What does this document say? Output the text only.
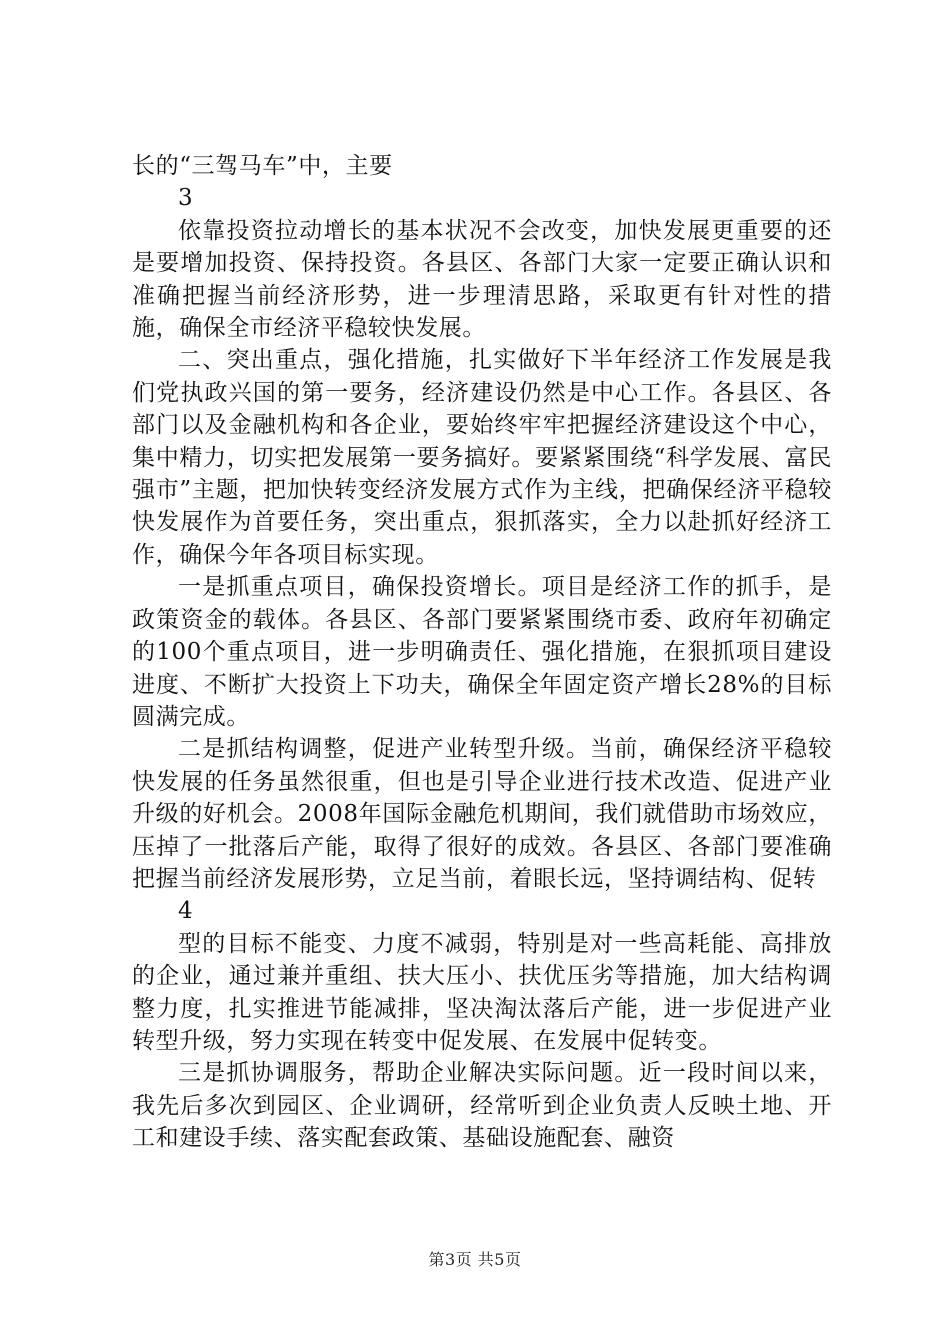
长的“三驾马车”中，主要

3

依靠投资拉动增长的基本状况不会改变，加快发展更重要的还是要增加投资、保持投资。各县区、各部门大家一定要正确认识和准确把握当前经济形势，进一步理清思路，采取更有针对性的措施，确保全市经济平稳较快发展。

二、突出重点，强化措施，扎实做好下半年经济工作发展是我们党执政兴国的第一要务，经济建设仍然是中心工作。各县区、各部门以及金融机构和各企业，要始终牢牢把握经济建设这个中心，集中精力，切实把发展第一要务搞好。要紧紧围绕“科学发展、富民强市”主题，把加快转变经济发展方式作为主线，把确保经济平稳较快发展作为首要任务，突出重点，狠抓落实，全力以赴抓好经济工作，确保今年各项目标实现。

一是抓重点项目，确保投资增长。项目是经济工作的抓手，是政策资金的载体。各县区、各部门要紧紧围绕市委、政府年初确定的100个重点项目，进一步明确责任、强化措施，在狠抓项目建设进度、不断扩大投资上下功夫，确保全年固定资产增长28%的目标圆满完成。

二是抓结构调整，促进产业转型升级。当前，确保经济平稳较快发展的任务虽然很重，但也是引导企业进行技术改造、促进产业升级的好机会。2008年国际金融危机期间，我们就借助市场效应，压掉了一批落后产能，取得了很好的成效。各县区、各部门要准确把握当前经济发展形势，立足当前，着眼长远，坚持调结构、促转

4

型的目标不能变、力度不减弱，特别是对一些高耗能、高排放的企业，通过兼并重组、扶大压小、扶优压劣等措施，加大结构调整力度，扎实推进节能减排，坚决淘汰落后产能，进一步促进产业转型升级，努力实现在转变中促发展、在发展中促转变。

三是抓协调服务，帮助企业解决实际问题。近一段时间以来，我先后多次到园区、企业调研，经常听到企业负责人反映土地、开工和建设手续、落实配套政策、基础设施配套、融资

第3页 共5页
